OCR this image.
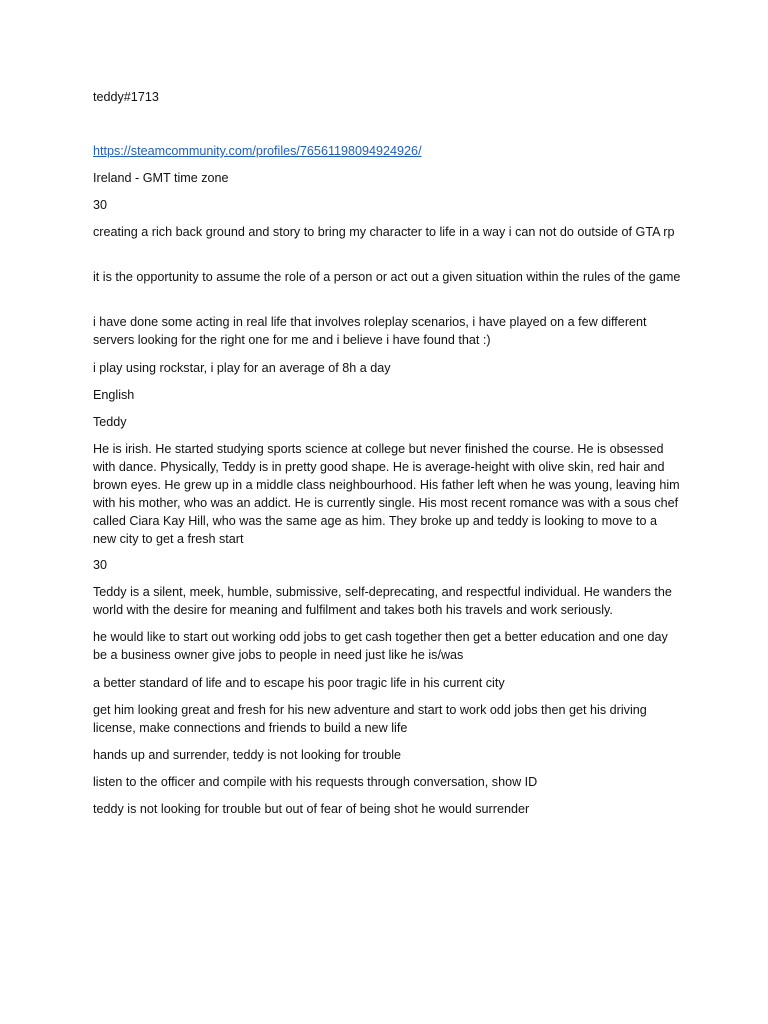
teddy#1713
https://steamcommunity.com/profiles/76561198094924926/
Ireland - GMT time zone
30
creating a rich back ground and story to bring my character to life in a way i can not do outside of GTA rp
it is the opportunity to assume the role of a person or act out a given situation within the rules of the game
i have done some acting in real life that involves roleplay scenarios, i have played on a few different servers looking for the right one for me and i believe i have found that :)
i play using rockstar, i play for an average of 8h a day
English
Teddy
He is irish. He started studying sports science at college but never finished the course. He is obsessed with dance. Physically, Teddy is in pretty good shape. He is average-height with olive skin, red hair and brown eyes. He grew up in a middle class neighbourhood. His father left when he was young, leaving him with his mother, who was an addict. He is currently single. His most recent romance was with a sous chef called Ciara Kay Hill, who was the same age as him. They broke up and teddy is looking to move to a new city to get a fresh start
30
Teddy is a silent, meek, humble, submissive, self-deprecating, and respectful individual. He wanders the world with the desire for meaning and fulfilment and takes both his travels and work seriously.
he would like to start out working odd jobs to get cash together then get a better education and one day be a business owner give jobs to people in need just like he is/was
a better standard of life and to escape his poor tragic life in his current city
get him looking great and fresh for his new adventure and start to work odd jobs then get his driving license, make connections and friends to build a new life
hands up and surrender, teddy is not looking for trouble
listen to the officer and compile with his requests through conversation, show ID
teddy is not looking for trouble but out of fear of being shot he would surrender
